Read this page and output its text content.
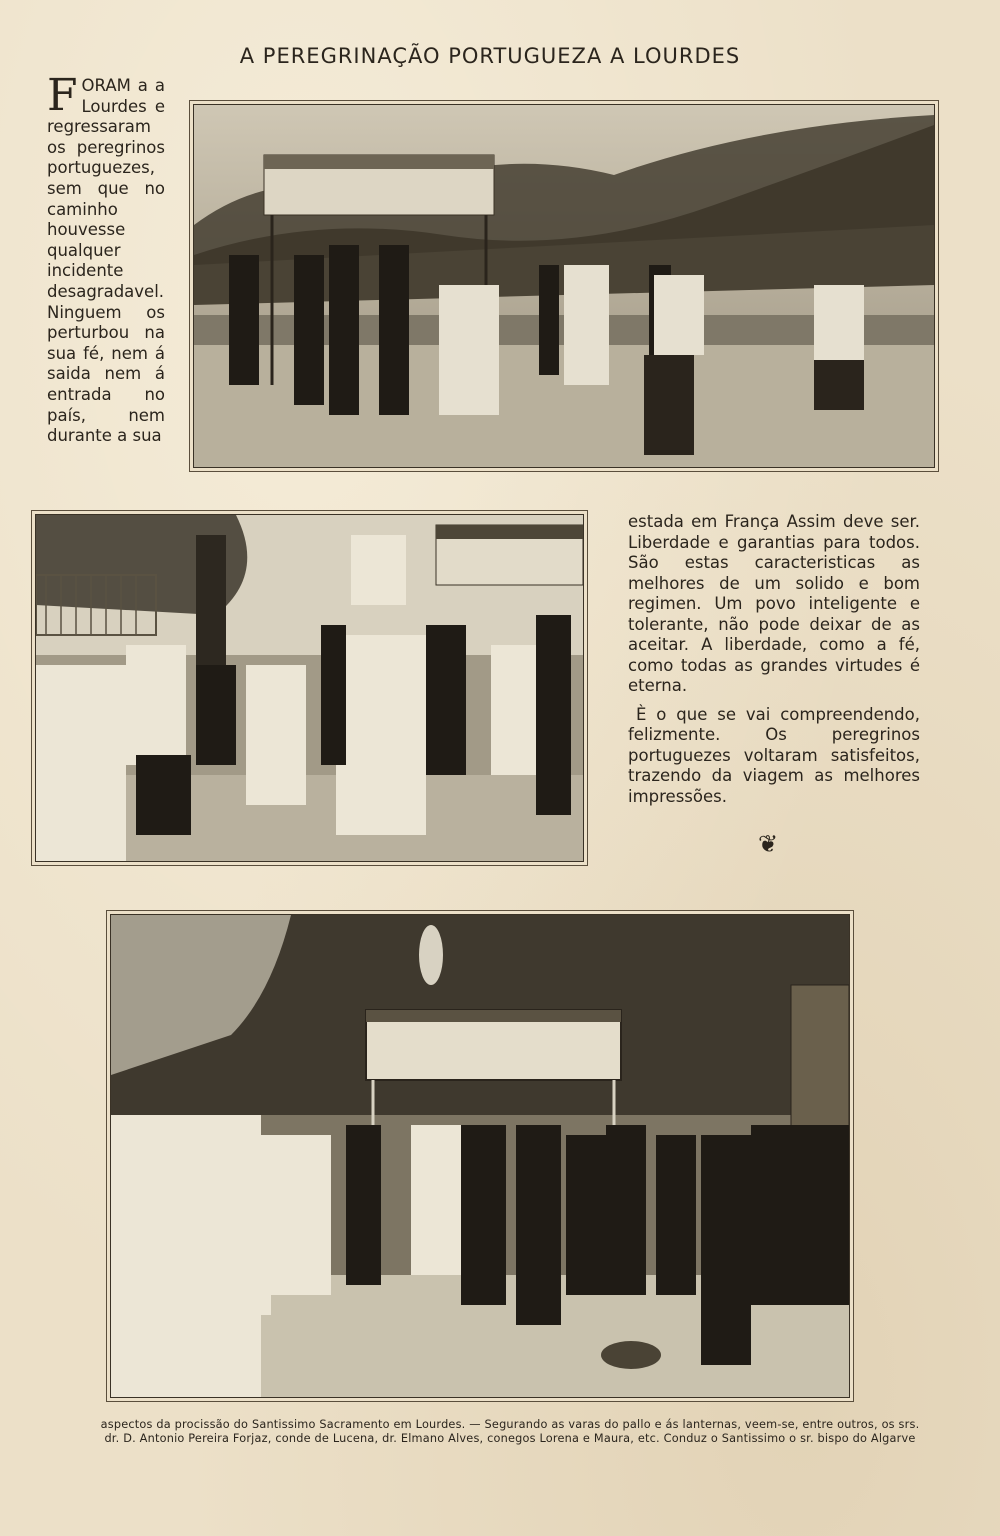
A PEREGRINAÇÃO PORTUGUEZA A LOURDES
FORAM a a Lourdes e regressaram os peregrinos portuguezes, sem que no caminho houvesse qualquer incidente desagradavel. Ninguem os perturbou na sua fé, nem á saida nem á entrada no país, nem durante a sua

estada em França Assim deve ser. Liberdade e garantias para todos. São estas caracteristicas as melhores de um solido e bom regimen. Um povo inteligente e tolerante, não pode deixar de as aceitar. A liberdade, como a fé, como todas as grandes virtudes é eterna.

È o que se vai compreendendo, felizmente. Os peregrinos portuguezes voltaram satisfeitos, trazendo da viagem as melhores impressões.

❦
aspectos da procissão do Santissimo Sacramento em Lourdes. — Segurando as varas do pallo e ás lanternas, veem-se, entre outros, os srs. dr. D. Antonio Pereira Forjaz, conde de Lucena, dr. Elmano Alves, conegos Lorena e Maura, etc. Conduz o Santissimo o sr. bispo do Algarve
